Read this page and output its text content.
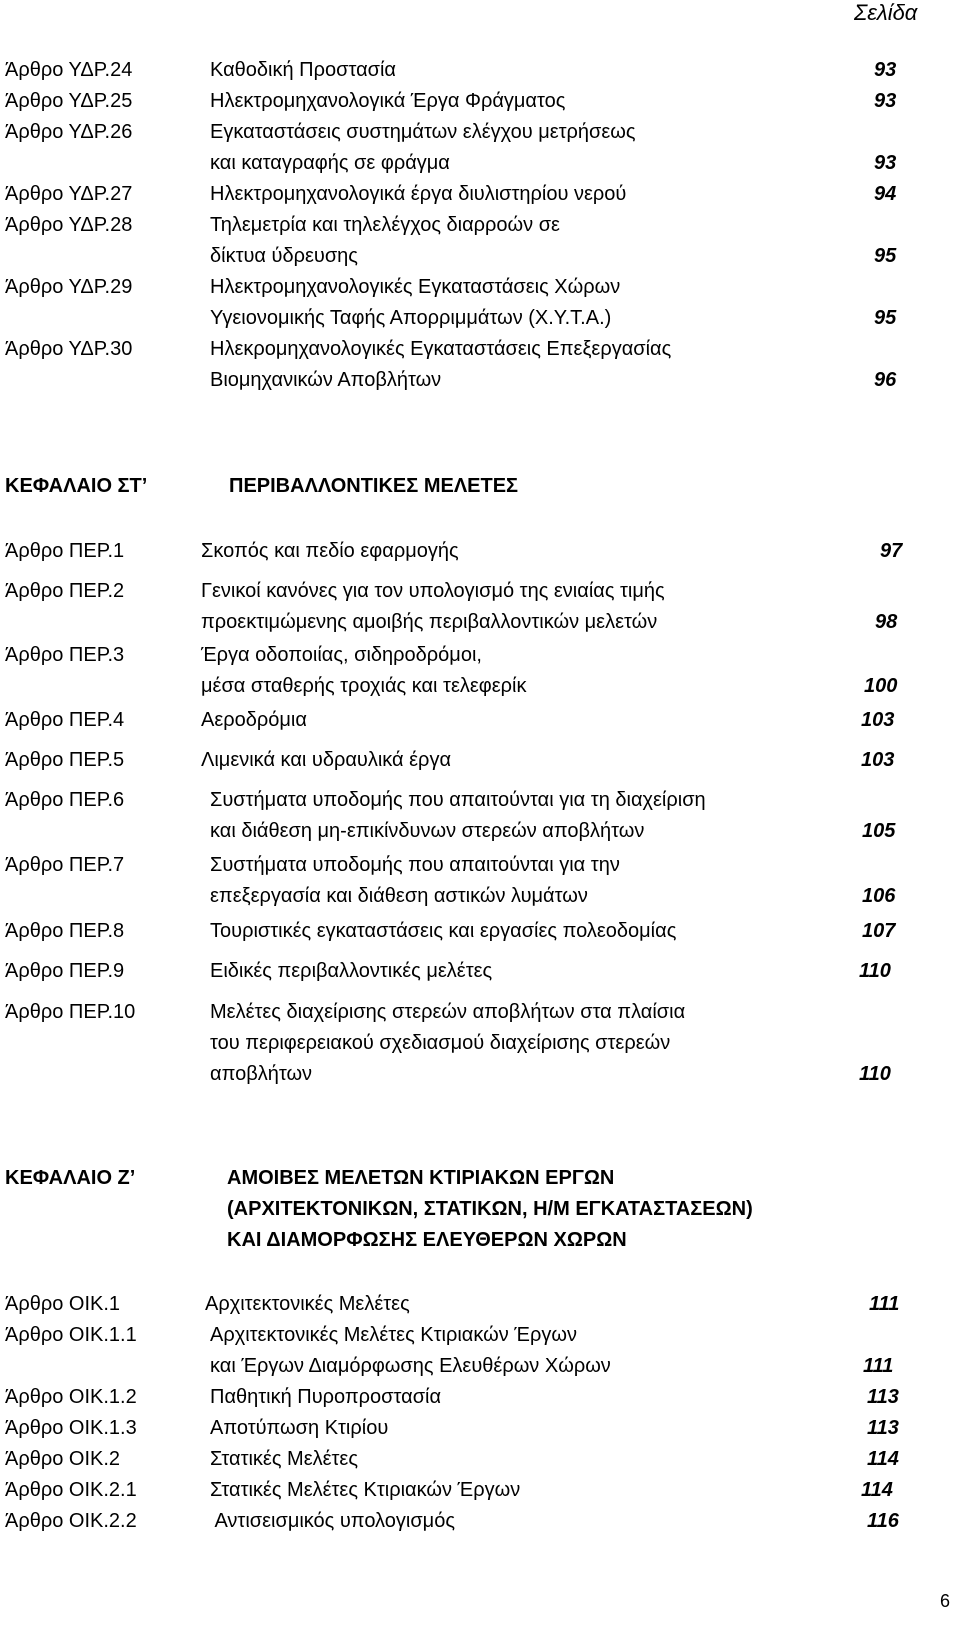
Σελίδα
Άρθρο ΥΔΡ.24	Καθοδική Προστασία	93
Άρθρο ΥΔΡ.25	Ηλεκτρομηχανολογικά Έργα Φράγματος	93
Άρθρο ΥΔΡ.26	Εγκαταστάσεις συστημάτων ελέγχου μετρήσεως
και καταγραφής σε φράγμα	93
Άρθρο ΥΔΡ.27	Ηλεκτρομηχανολογικά έργα διυλιστηρίου νερού	94
Άρθρο ΥΔΡ.28	Τηλεμετρία και τηλελέγχος διαρροών σε
δίκτυα ύδρευσης	95
Άρθρο ΥΔΡ.29	Ηλεκτρομηχανολογικές Εγκαταστάσεις Χώρων
Υγειονομικής Ταφής Απορριμμάτων (Χ.Υ.Τ.Α.)	95
Άρθρο ΥΔΡ.30	Ηλεκρομηχανολογικές Εγκαταστάσεις Επεξεργασίας
Βιομηχανικών Αποβλήτων	96
ΚΕΦΑΛΑΙΟ ΣΤ’	ΠΕΡΙΒΑΛΛΟΝΤΙΚΕΣ ΜΕΛΕΤΕΣ
Άρθρο ΠΕΡ.1	Σκοπός και πεδίο εφαρμογής	97
Άρθρο ΠΕΡ.2	Γενικοί κανόνες για τον υπολογισμό της ενιαίας τιμής
προεκτιμώμενης αμοιβής περιβαλλοντικών μελετών	98
Άρθρο ΠΕΡ.3	Έργα οδοποιίας, σιδηροδρόμοι,
μέσα σταθερής τροχιάς και τελεφερίκ	100
Άρθρο ΠΕΡ.4	Αεροδρόμια	103
Άρθρο ΠΕΡ.5	Λιμενικά και υδραυλικά έργα	103
Άρθρο ΠΕΡ.6	Συστήματα υποδομής που απαιτούνται για τη διαχείριση
και διάθεση μη-επικίνδυνων στερεών αποβλήτων	105
Άρθρο ΠΕΡ.7	Συστήματα υποδομής που απαιτούνται για την
επεξεργασία και διάθεση αστικών λυμάτων	106
Άρθρο ΠΕΡ.8	Τουριστικές εγκαταστάσεις και εργασίες πολεοδομίας	107
Άρθρο ΠΕΡ.9	Ειδικές περιβαλλοντικές μελέτες	110
Άρθρο ΠΕΡ.10	Μελέτες διαχείρισης στερεών αποβλήτων στα πλαίσια
του περιφερειακού σχεδιασμού διαχείρισης στερεών
αποβλήτων	110
ΚΕΦΑΛΑΙΟ Ζ’	ΑΜΟΙΒΕΣ ΜΕΛΕΤΩΝ ΚΤΙΡΙΑΚΩΝ ΕΡΓΩΝ
(ΑΡΧΙΤΕΚΤΟΝΙΚΩΝ, ΣΤΑΤΙΚΩΝ, Η/Μ ΕΓΚΑΤΑΣΤΑΣΕΩΝ)
ΚΑΙ ΔΙΑΜΟΡΦΩΣΗΣ ΕΛΕΥΘΕΡΩΝ ΧΩΡΩΝ
Άρθρο ΟΙΚ.1	Αρχιτεκτονικές Μελέτες	111
Άρθρο ΟΙΚ.1.1	Αρχιτεκτονικές Μελέτες Κτιριακών Έργων
και Έργων Διαμόρφωσης Ελευθέρων Χώρων	111
Άρθρο ΟΙΚ.1.2	Παθητική Πυροπροστασία	113
Άρθρο ΟΙΚ.1.3	Αποτύπωση Κτιρίου	113
Άρθρο ΟΙΚ.2	Στατικές Μελέτες	114
Άρθρο ΟΙΚ.2.1	Στατικές Μελέτες Κτιριακών Έργων	114
Άρθρο ΟΙΚ.2.2	Αντισεισμικός υπολογισμός	116
6
